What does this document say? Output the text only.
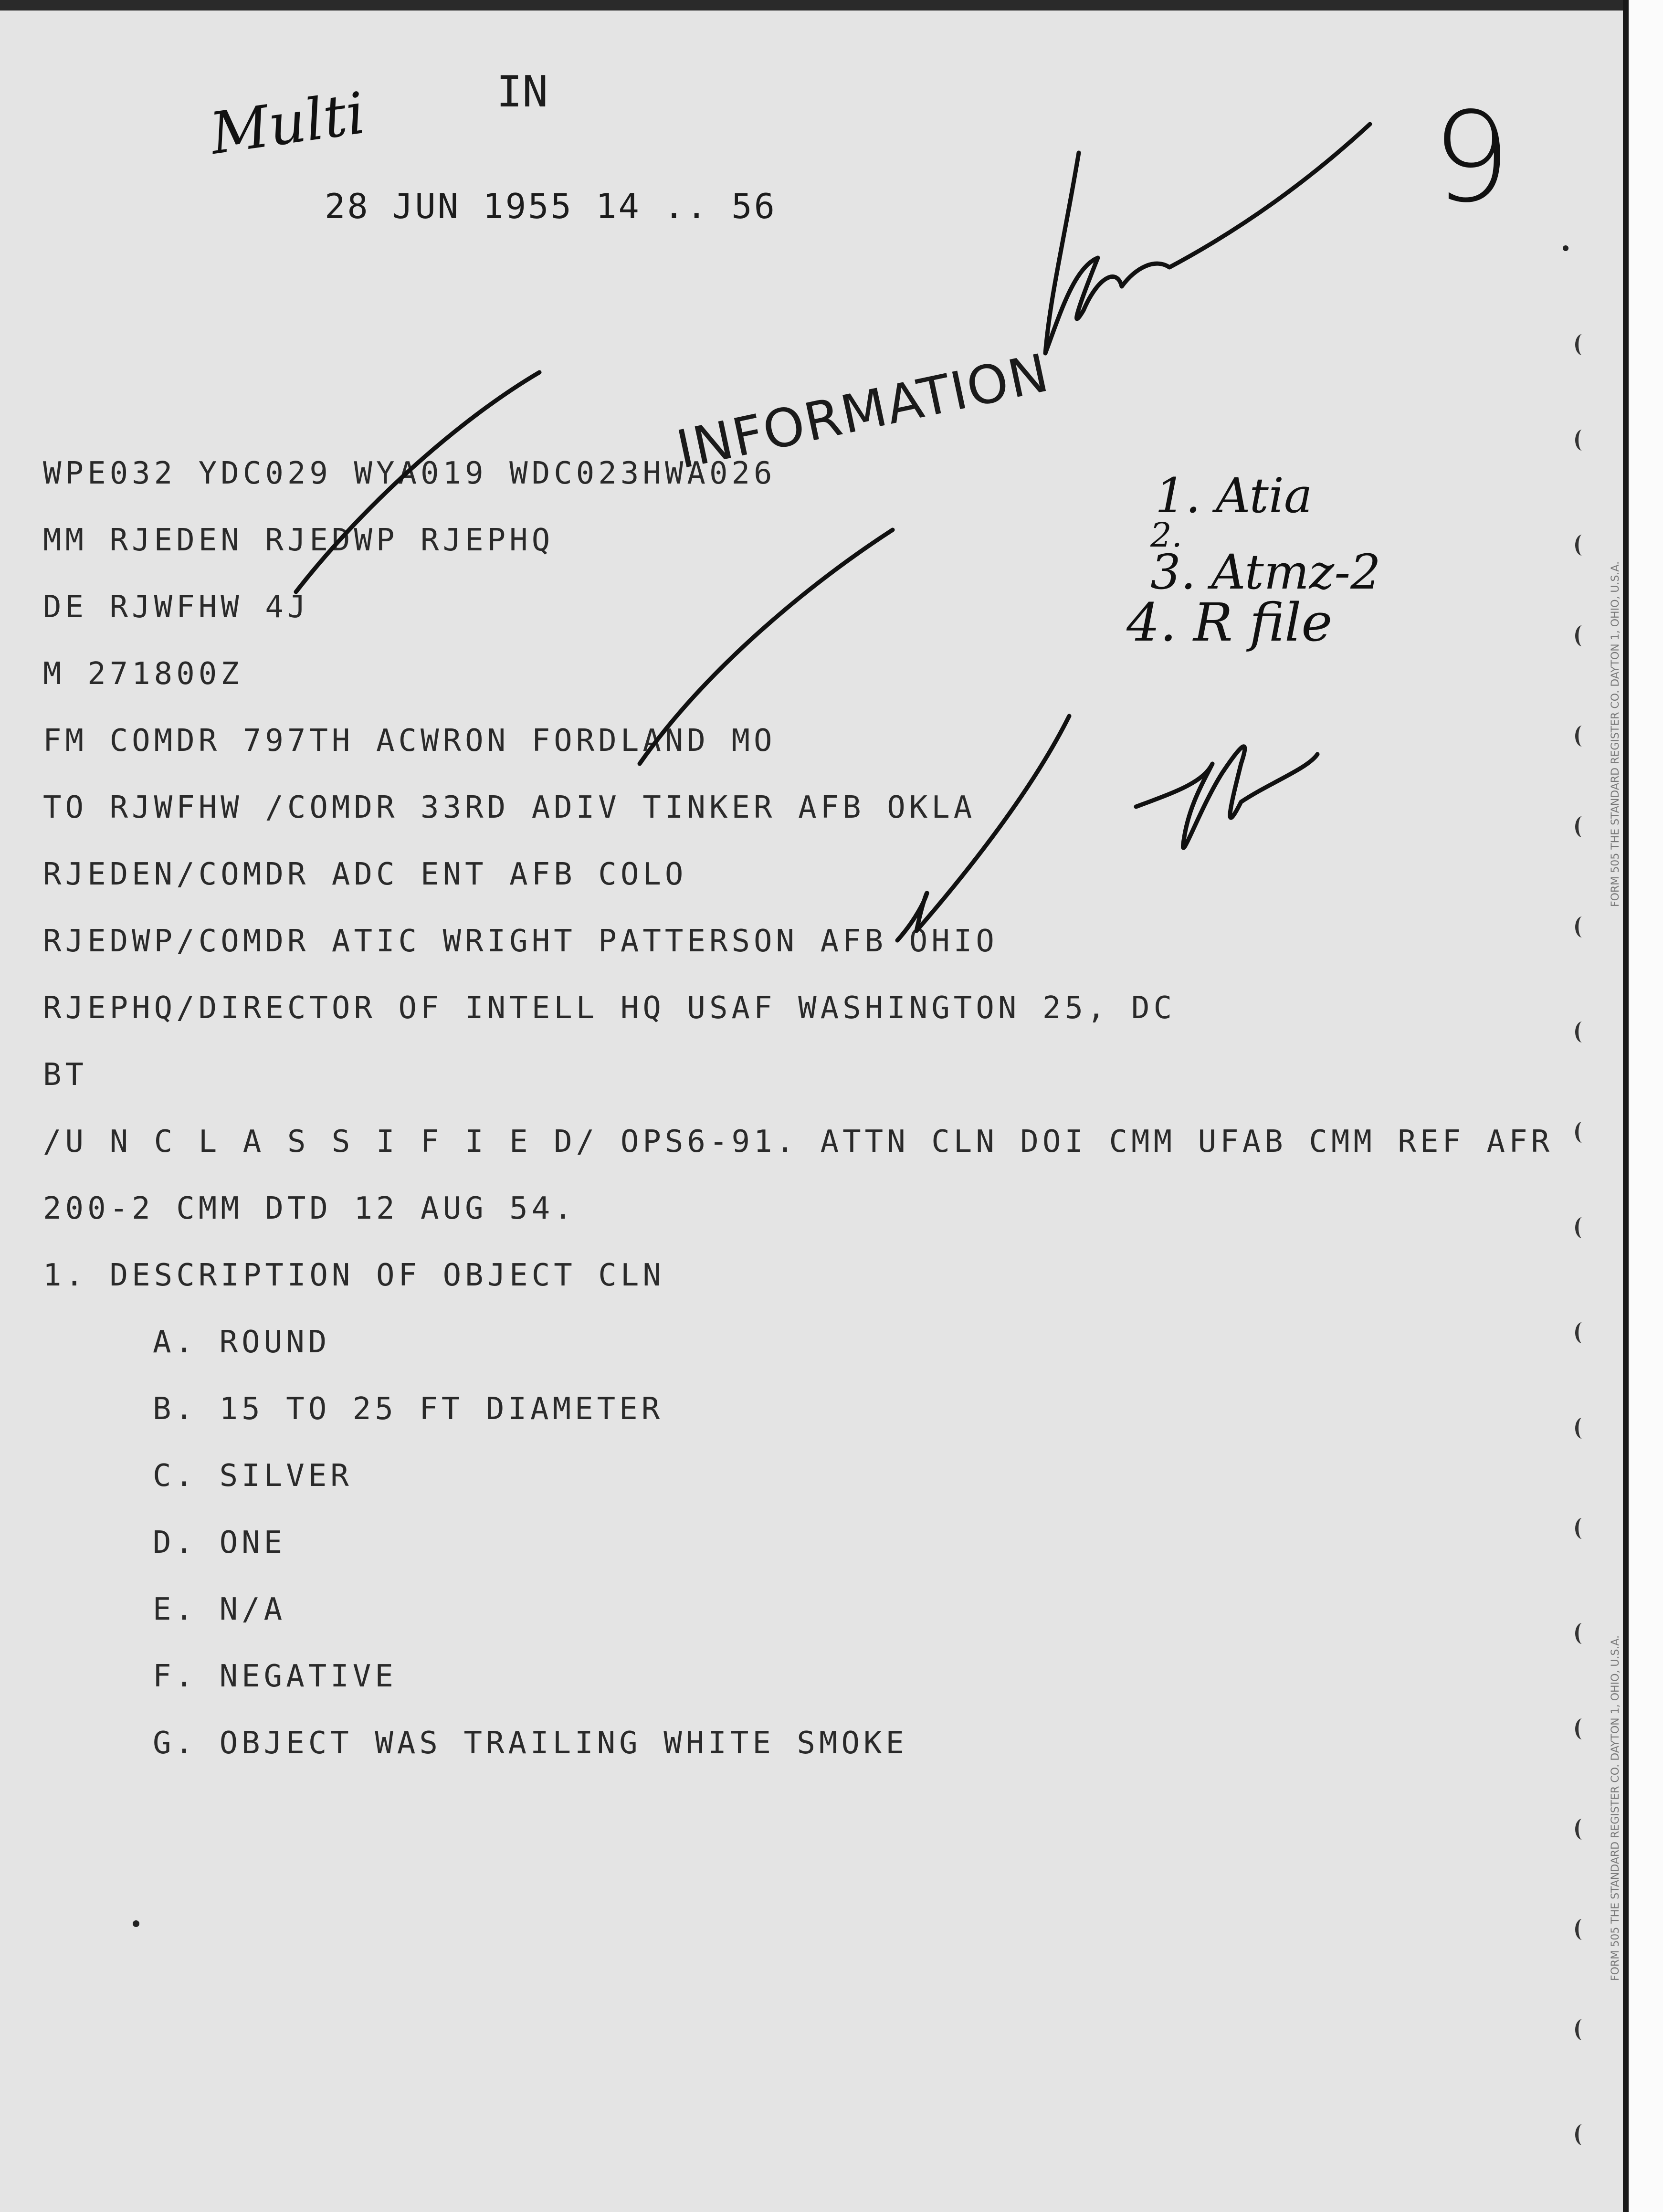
Multi	9
IN
28 JUN 1955 14 .. 56
INFORMATION
1. Atia
2.
3. Atmz-2
4. R file
WPE032 YDC029 WYA019 WDC023HWA026
MM RJEDEN RJEDWP RJEPHQ
DE RJWFHW 4J
M 271800Z
FM COMDR 797TH ACWRON FORDLAND MO
TO RJWFHW /COMDR 33RD ADIV TINKER AFB OKLA
RJEDEN/COMDR ADC ENT AFB COLO
RJEDWP/COMDR ATIC WRIGHT PATTERSON AFB OHIO
RJEPHQ/DIRECTOR OF INTELL HQ USAF WASHINGTON 25, DC
BT
/U N C L A S S I F I E D/ OPS6-91. ATTN CLN DOI CMM UFAB CMM REF AFR
200-2 CMM DTD 12 AUG 54.
1. DESCRIPTION OF OBJECT CLN
A. ROUND
B. 15 TO 25 FT DIAMETER
C. SILVER
D. ONE
E. N/A
F. NEGATIVE
G. OBJECT WAS TRAILING WHITE SMOKE
FORM 505 THE STANDARD REGISTER CO. DAYTON 1, OHIO, U.S.A.
FORM 505 THE STANDARD REGISTER CO. DAYTON 1, OHIO, U.S.A.
